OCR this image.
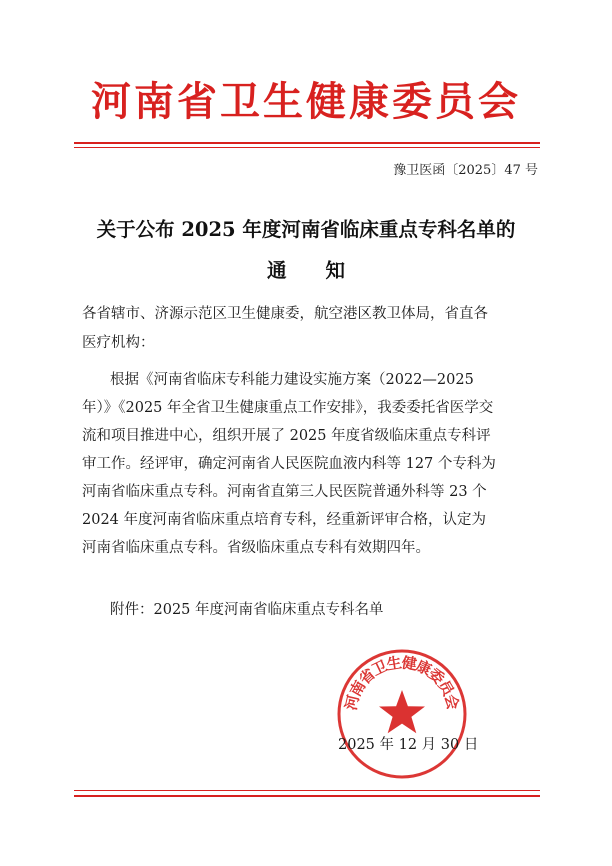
河南省卫生健康委员会
豫卫医函〔2025〕47 号
关于公布 2025 年度河南省临床重点专科名单的
通　　知
各省辖市、济源示范区卫生健康委，航空港区教卫体局，省直各
医疗机构：
根据《河南省临床专科能力建设实施方案（2022—2025
年）》《2025 年全省卫生健康重点工作安排》，我委委托省医学交
流和项目推进中心，组织开展了 2025 年度省级临床重点专科评
审工作。经评审，确定河南省人民医院血液内科等 127 个专科为
河南省临床重点专科。河南省直第三人民医院普通外科等 23 个
2024 年度河南省临床重点培育专科，经重新评审合格，认定为
河南省临床重点专科。省级临床重点专科有效期四年。
附件：2025 年度河南省临床重点专科名单
河南省卫生健康委员会
2025 年 12 月 30 日
